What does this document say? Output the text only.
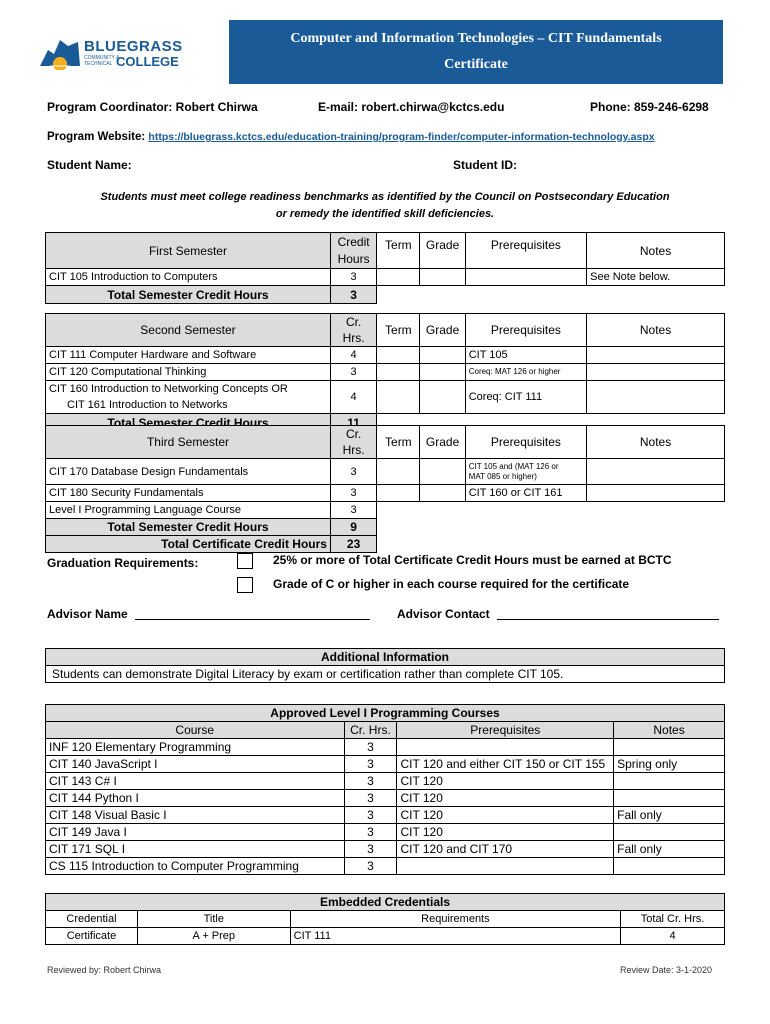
BLUEGRASS
COMMUNITY &
TECHNICAL COLLEGE
Computer and Information Technologies – CIT Fundamentals
Certificate
Program Coordinator: Robert Chirwa	E-mail: robert.chirwa@kctcs.edu	Phone: 859-246-6298
Program Website: https://bluegrass.kctcs.edu/education-training/program-finder/computer-information-technology.aspx
Student Name:	Student ID:
Students must meet college readiness benchmarks as identified by the Council on Postsecondary Education
or remedy the identified skill deficiencies.
First Semester	Credit
Hours	Term	Grade	Prerequisites	Notes
CIT 105 Introduction to Computers	3				See Note below.
Total Semester Credit Hours	3				
Second Semester	Cr. Hrs.	Term	Grade	Prerequisites	Notes
CIT 111 Computer Hardware and Software	4			CIT 105	
CIT 120 Computational Thinking	3			Coreq: MAT 126 or higher	

CIT 160 Introduction to Networking Concepts OR
CIT 161 Introduction to Networks	4			Coreq: CIT 111	
Total Semester Credit Hours	11				
Third Semester	Cr. Hrs.	Term	Grade	Prerequisites	Notes
CIT 170 Database Design Fundamentals	3			CIT 105 and (MAT 126 or
MAT 085 or higher)	

CIT 180 Security Fundamentals	3			CIT 160 or CIT 161	
Level I Programming Language Course	3				
Total Semester Credit Hours	9				
Total Certificate Credit Hours	23				
Graduation Requirements:	25% or more of Total Certificate Credit Hours must be earned at BCTC
Grade of C or higher in each course required for the certificate
Advisor Name	Advisor Contact
Additional Information
Students can demonstrate Digital Literacy by exam or certification rather than complete CIT 105.
Approved Level I Programming Courses			
Course	Cr. Hrs.	Prerequisites	Notes
INF 120 Elementary Programming	3		
CIT 140 JavaScript I	3	CIT 120 and either CIT 150 or CIT 155	Spring only
CIT 143 C# I	3	CIT 120	
CIT 144 Python I	3	CIT 120	
CIT 148 Visual Basic I	3	CIT 120	Fall only
CIT 149 Java I	3	CIT 120	
CIT 171 SQL I	3	CIT 120 and CIT 170	Fall only
CS 115 Introduction to Computer Programming	3		
Embedded Credentials			
Credential	Title	Requirements	Total Cr. Hrs.
Certificate	A + Prep	CIT 111	4
Reviewed by: Robert Chirwa	Review Date: 3-1-2020
